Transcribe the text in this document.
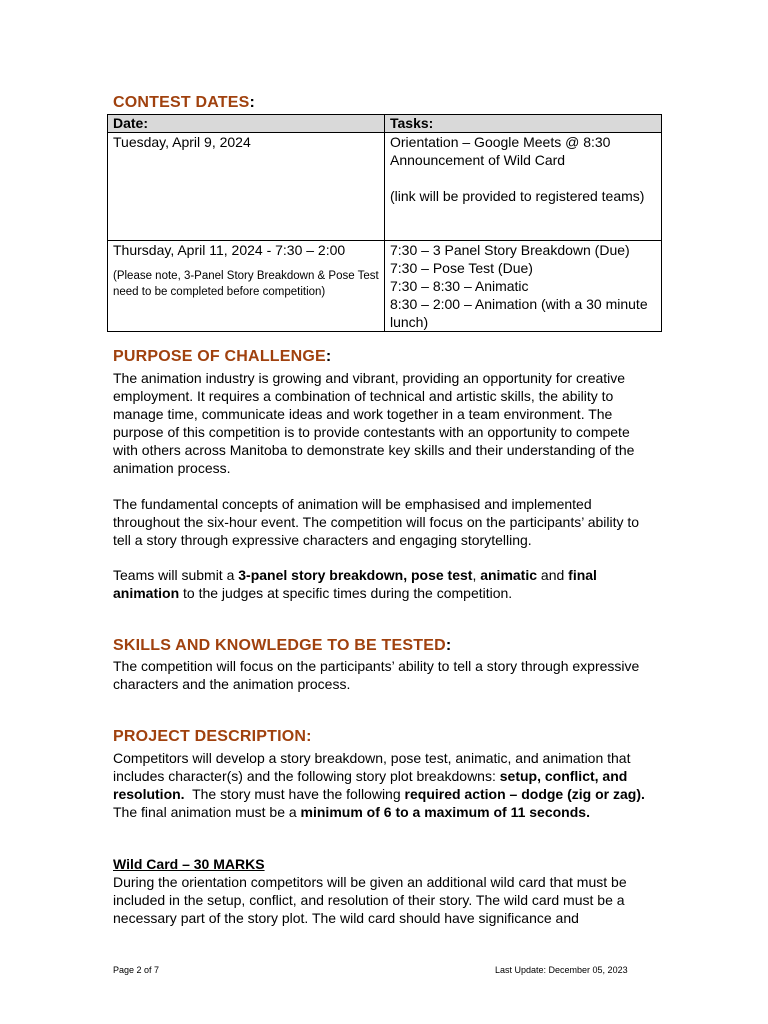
CONTEST DATES:
Date:	Tasks:
Tuesday, April 9, 2024	Orientation – Google Meets @ 8:30
Announcement of Wild Card
(link will be provided to registered teams)

Thursday, April 11, 2024 - 7:30 – 2:00
(Please note, 3-Panel Story Breakdown & Pose Test need to be completed before competition)	7:30 – 3 Panel Story Breakdown (Due)
7:30 – Pose Test (Due)
7:30 – 8:30 – Animatic
8:30 – 2:00 – Animation (with a 30 minute lunch)
PURPOSE OF CHALLENGE:

The animation industry is growing and vibrant, providing an opportunity for creative employment. It requires a combination of technical and artistic skills, the ability to manage time, communicate ideas and work together in a team environment. The purpose of this competition is to provide contestants with an opportunity to compete with others across Manitoba to demonstrate key skills and their understanding of the animation process.

The fundamental concepts of animation will be emphasised and implemented throughout the six-hour event. The competition will focus on the participants’ ability to tell a story through expressive characters and engaging storytelling.

Teams will submit a 3-panel story breakdown, pose test, animatic and final animation to the judges at specific times during the competition.

SKILLS AND KNOWLEDGE TO BE TESTED:

The competition will focus on the participants’ ability to tell a story through expressive characters and the animation process.

PROJECT DESCRIPTION:

Competitors will develop a story breakdown, pose test, animatic, and animation that includes character(s) and the following story plot breakdowns: setup, conflict, and resolution.  The story must have the following required action – dodge (zig or zag). The final animation must be a minimum of 6 to a maximum of 11 seconds.

Wild Card – 30 MARKS

During the orientation competitors will be given an additional wild card that must be included in the setup, conflict, and resolution of their story. The wild card must be a necessary part of the story plot. The wild card should have significance and

Page 2 of 7	Last Update: December 05, 2023
